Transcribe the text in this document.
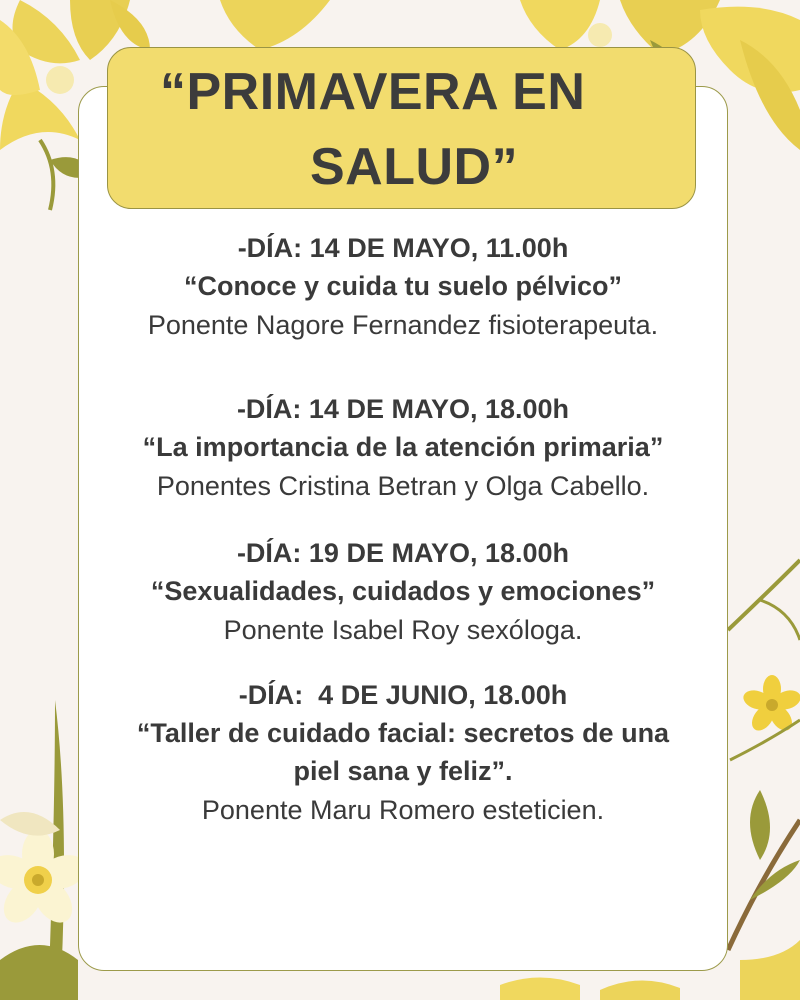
“PRIMAVERA EN
SALUD”
-DÍA: 14 DE MAYO, 11.00h
“Conoce y cuida tu suelo pélvico”
Ponente Nagore Fernandez fisioterapeuta.
-DÍA: 14 DE MAYO, 18.00h
“La importancia de la atención primaria”
Ponentes Cristina Betran y Olga Cabello.
-DÍA: 19 DE MAYO, 18.00h
“Sexualidades, cuidados y emociones”
Ponente Isabel Roy sexóloga.
-DÍA:  4 DE JUNIO, 18.00h
“Taller de cuidado facial: secretos de una
piel sana y feliz”.
Ponente Maru Romero esteticien.
